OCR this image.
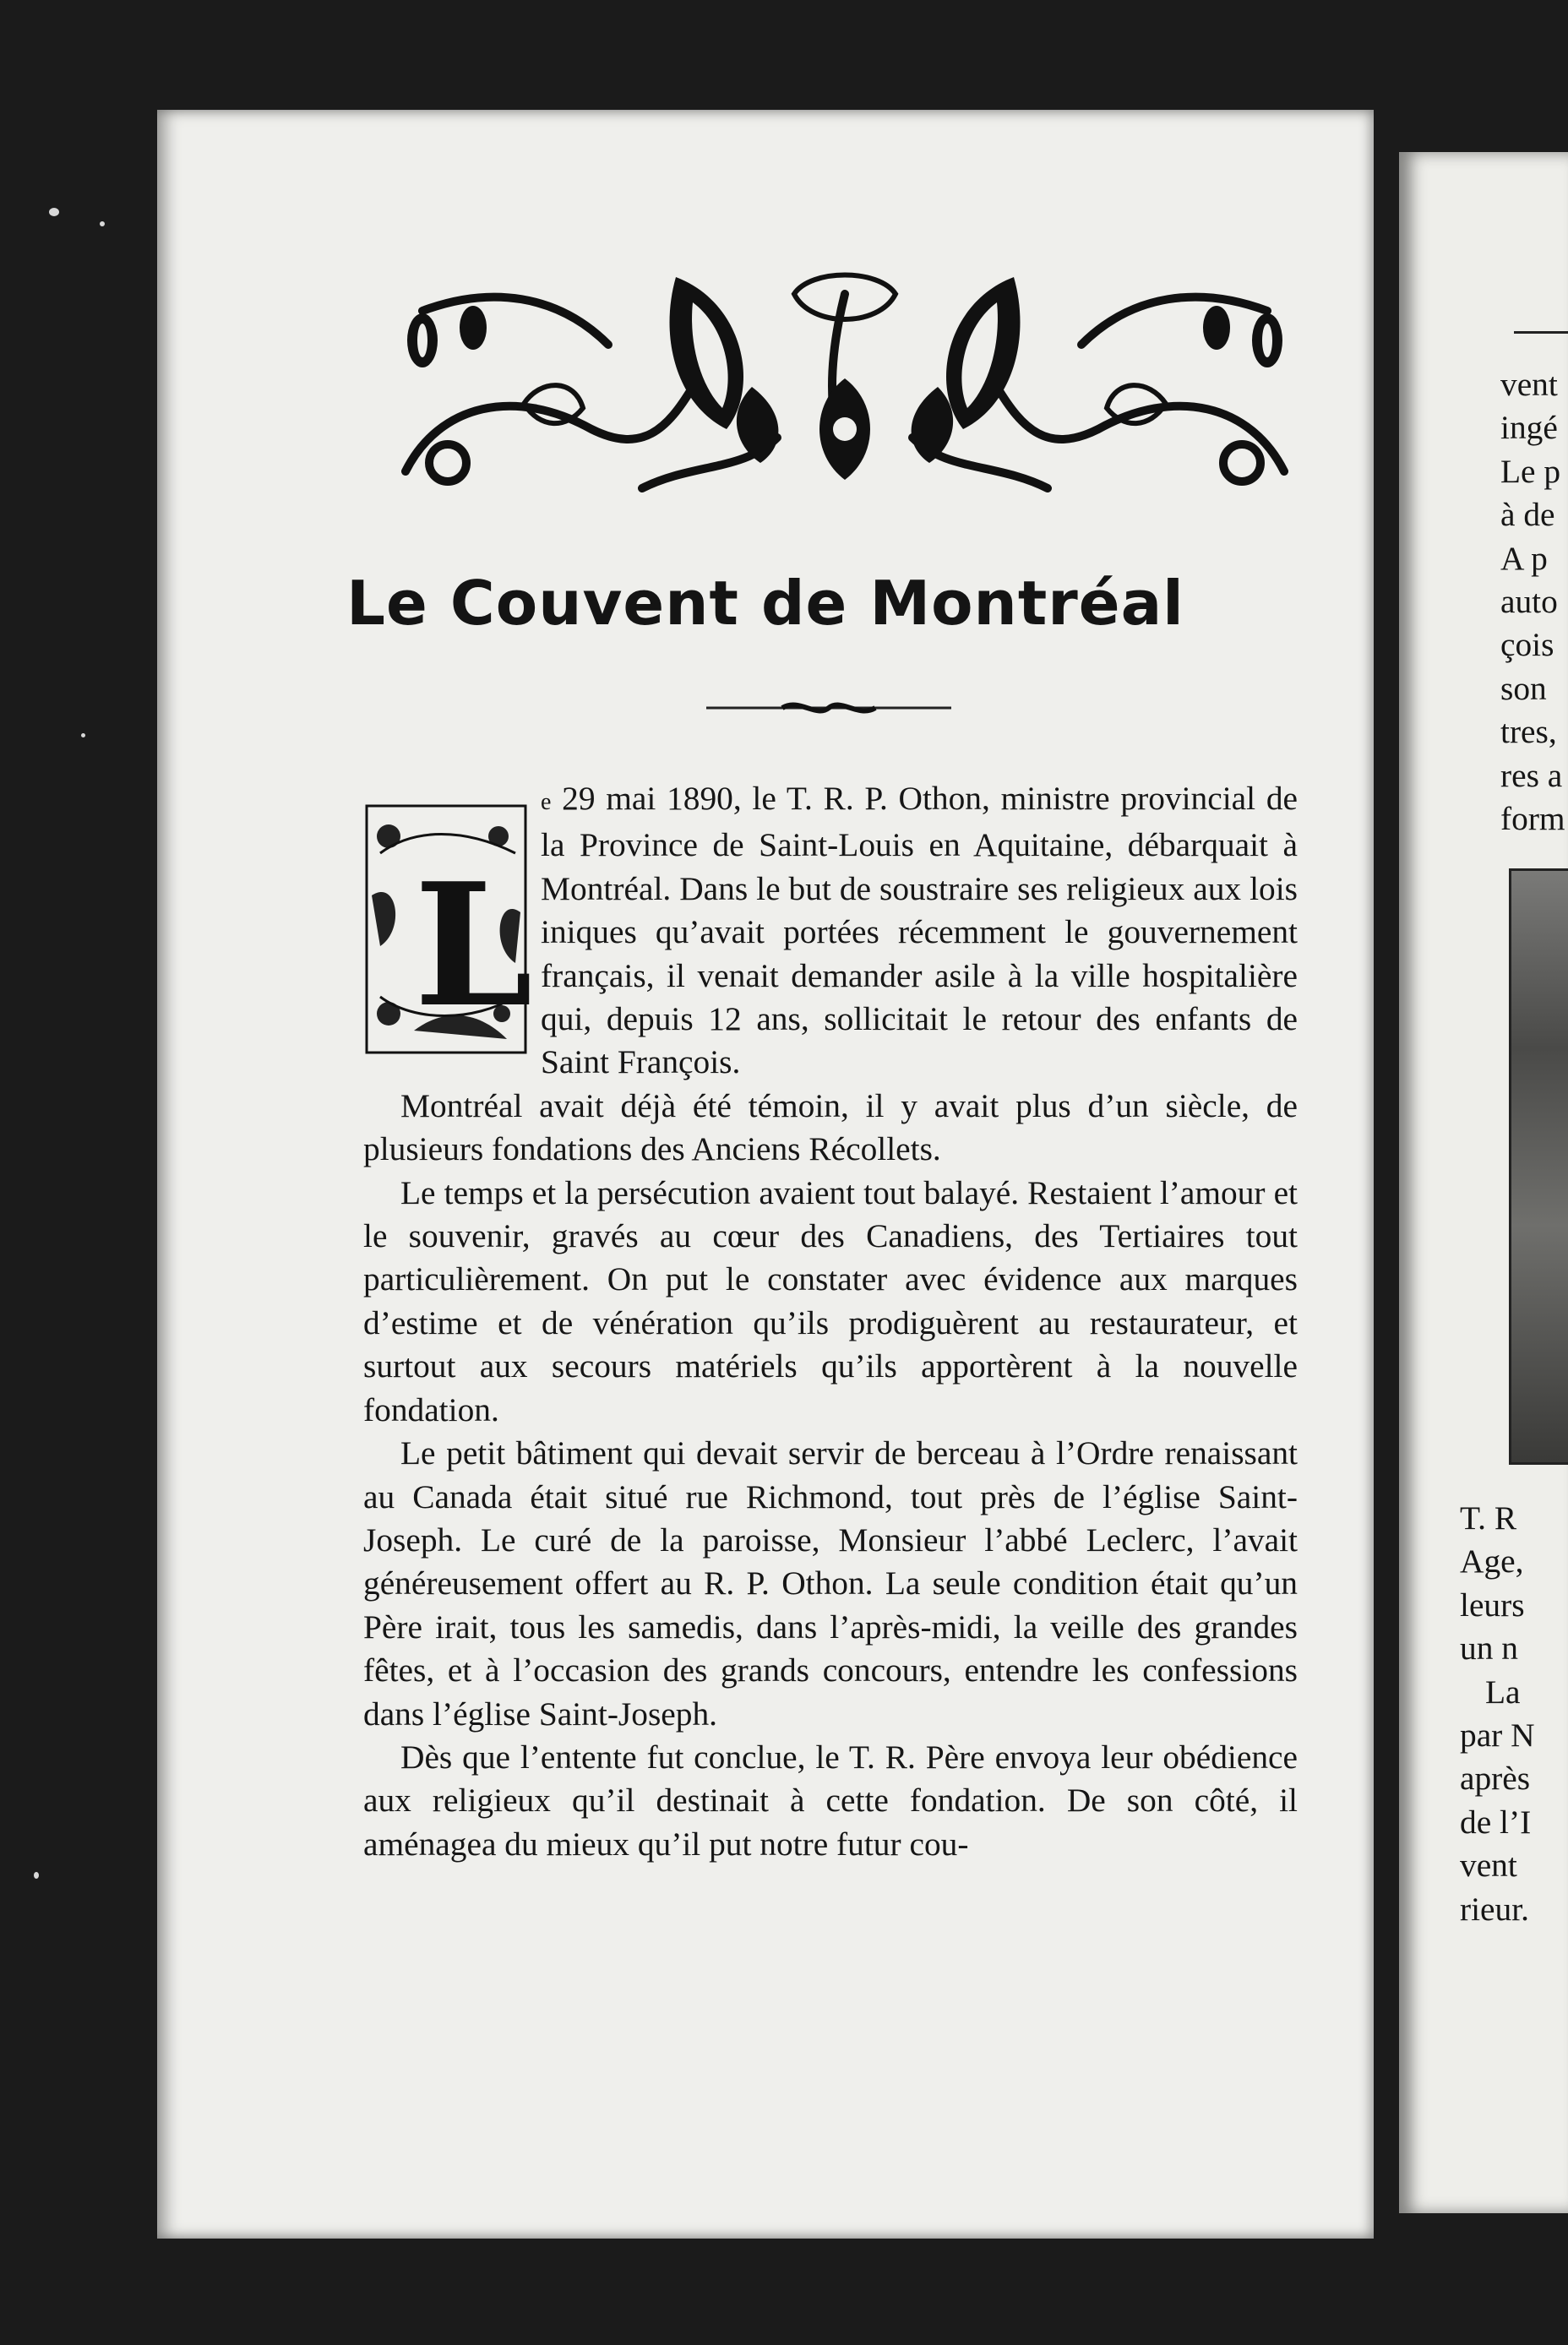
Le Couvent de Montréal

L
e 29 mai 1890, le T. R. P. Othon, ministre provincial de la Province de Saint-Louis en Aquitaine, débarquait à Montréal. Dans le but de soustraire ses religieux aux lois iniques qu’avait portées récemment le gouvernement français, il venait demander asile à la ville hospitalière qui, depuis 12 ans, sollicitait le retour des enfants de Saint François.

Montréal avait déjà été témoin, il y avait plus d’un siècle, de plusieurs fondations des Anciens Récollets.

Le temps et la persécution avaient tout balayé. Restaient l’amour et le souvenir, gravés au cœur des Canadiens, des Tertiaires tout particulièrement. On put le constater avec évidence aux marques d’estime et de vénération qu’ils prodiguèrent au restaurateur, et surtout aux secours matériels qu’ils apportèrent à la nouvelle fondation.

Le petit bâtiment qui devait servir de berceau à l’Ordre renaissant au Canada était situé rue Richmond, tout près de l’église Saint-Joseph. Le curé de la paroisse, Monsieur l’abbé Leclerc, l’avait généreusement offert au R. P. Othon. La seule condition était qu’un Père irait, tous les samedis, dans l’après-midi, la veille des grandes fêtes, et à l’occasion des grands concours, entendre les confessions dans l’église Saint-Joseph.

Dès que l’entente fut conclue, le T. R. Père envoya leur obédience aux religieux qu’il destinait à cette fondation. De son côté, il aménagea du mieux qu’il put notre futur cou-

vent
ingé
Le p
à de
A p
auto
çois
son
tres,
res a
form
T. R
Age,
leurs
un n
La
par N
après
de l’I
vent
rieur.
